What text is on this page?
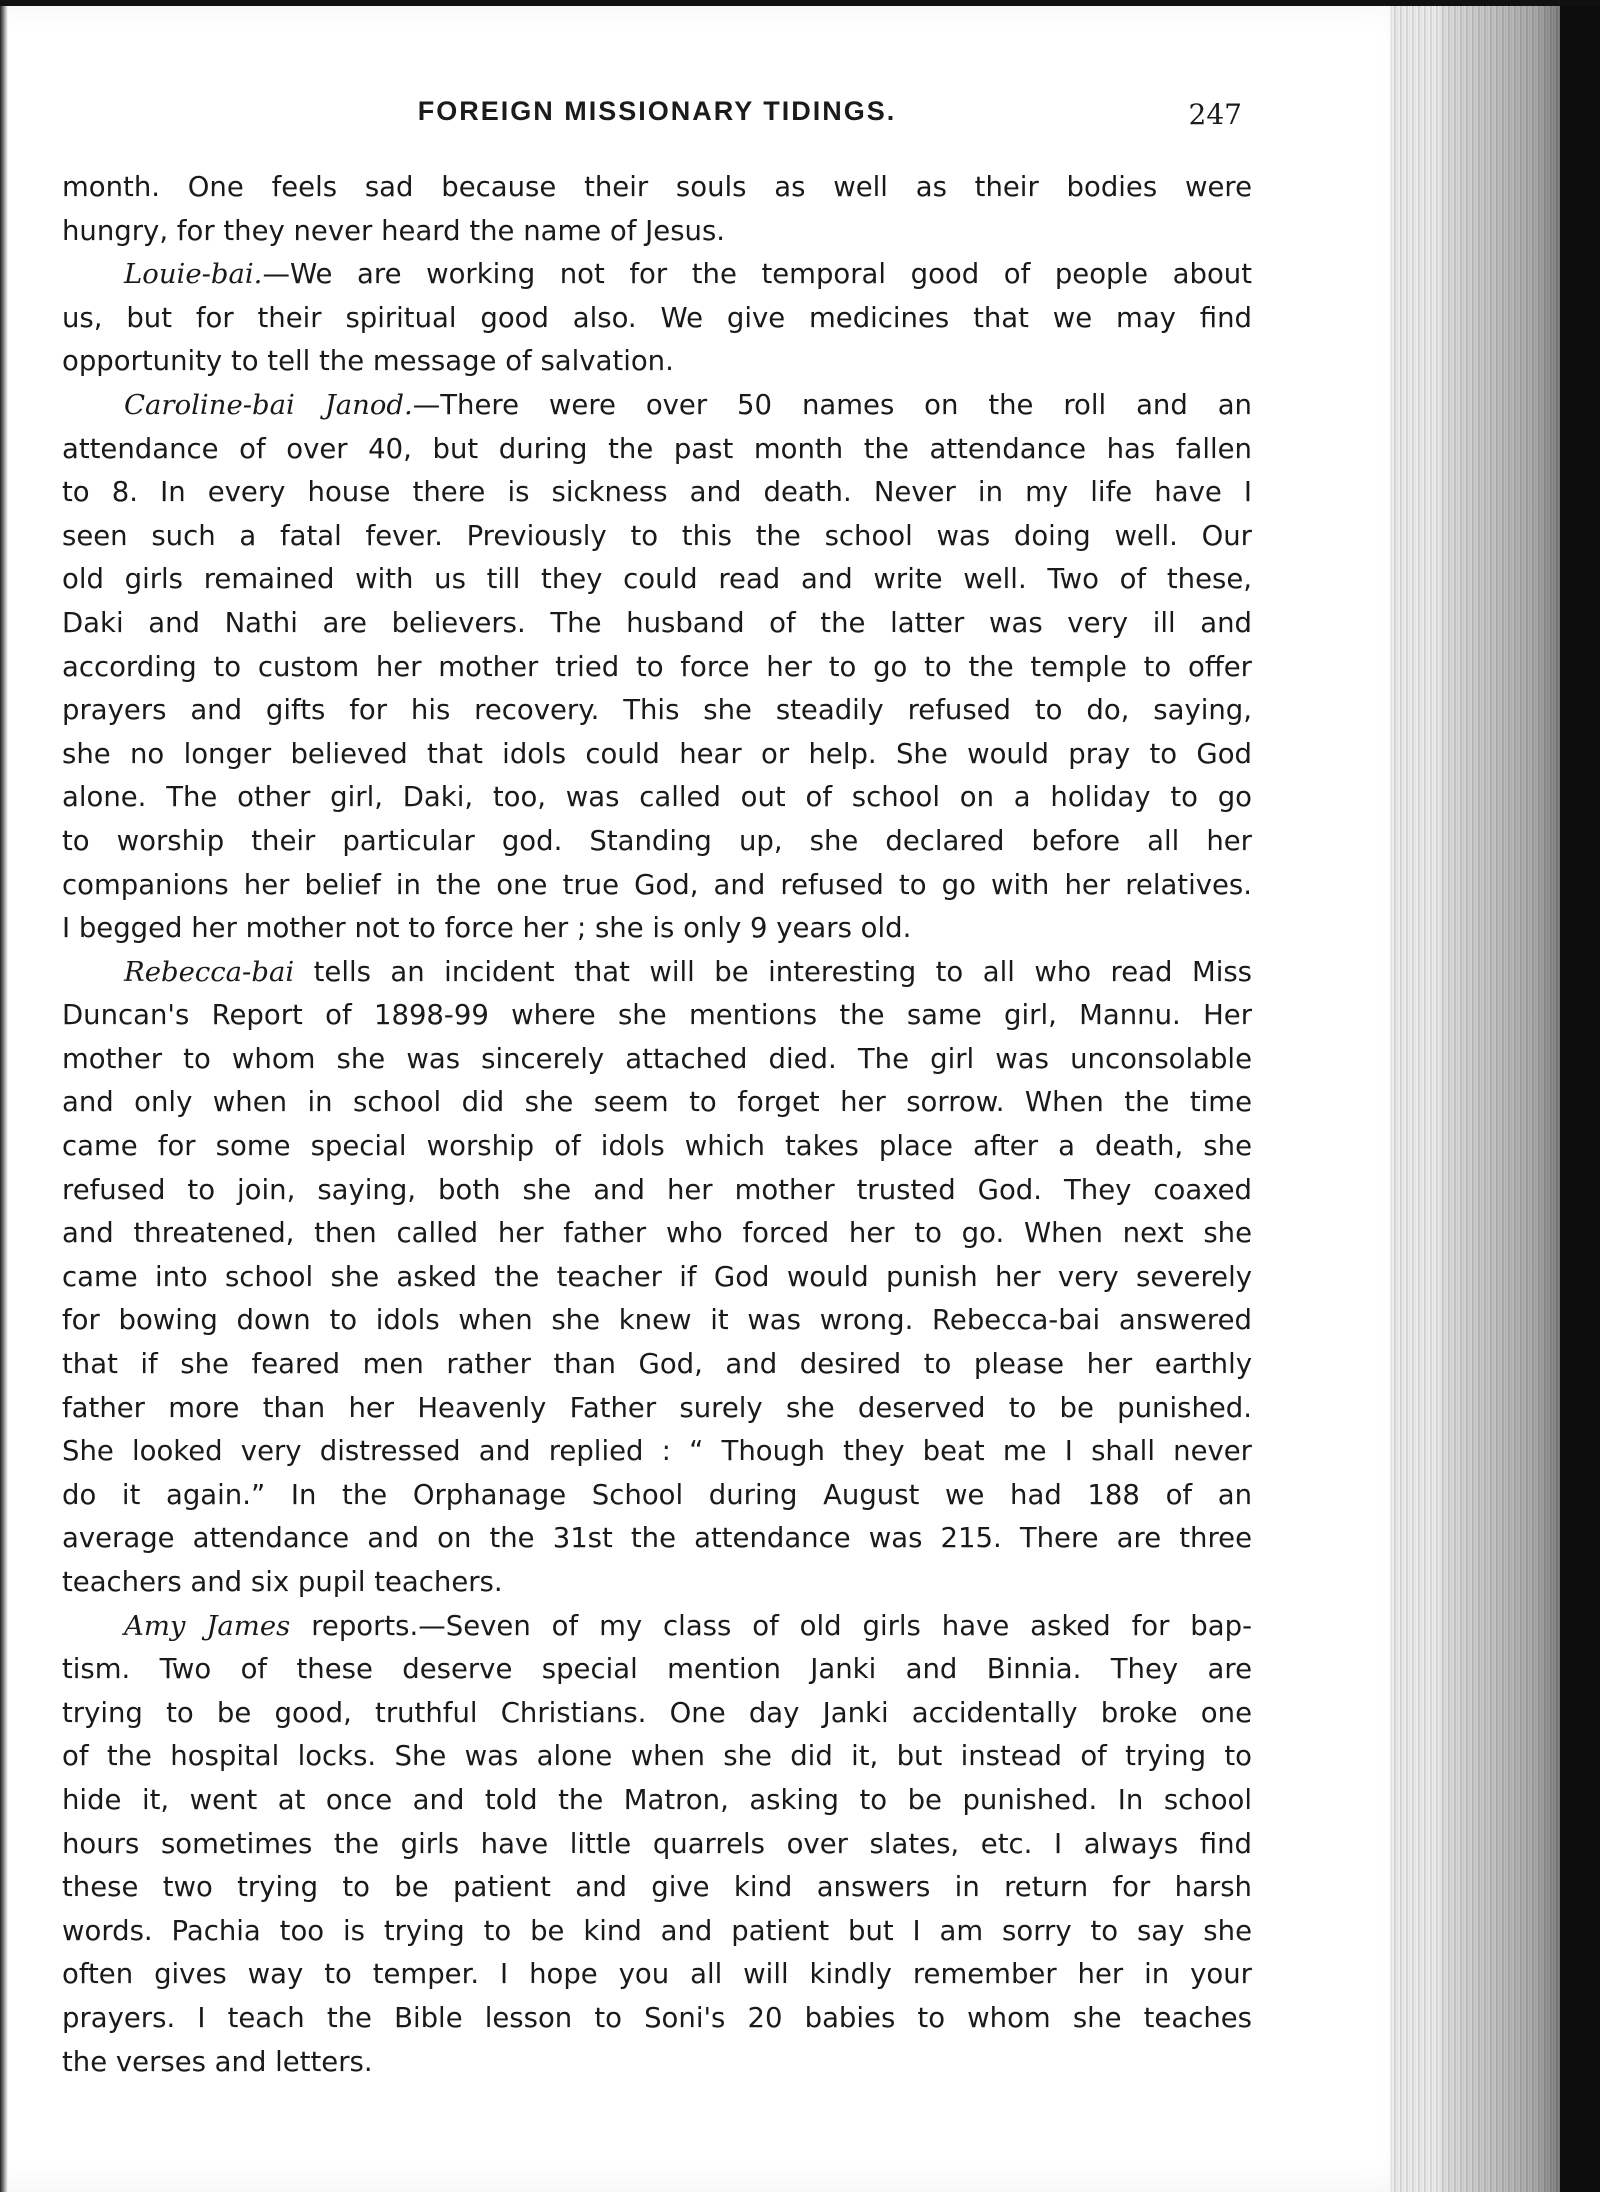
FOREIGN MISSIONARY TIDINGS.	247
month. One feels sad because their souls as well as their bodies were
hungry, for they never heard the name of Jesus.
Louie-bai.—We are working not for the temporal good of people about
us, but for their spiritual good also. We give medicines that we may find
opportunity to tell the message of salvation.
Caroline-bai Janod.—There were over 50 names on the roll and an
attendance of over 40, but during the past month the attendance has fallen
to 8. In every house there is sickness and death. Never in my life have I
seen such a fatal fever. Previously to this the school was doing well. Our
old girls remained with us till they could read and write well. Two of these,
Daki and Nathi are believers. The husband of the latter was very ill and
according to custom her mother tried to force her to go to the temple to offer
prayers and gifts for his recovery. This she steadily refused to do, saying,
she no longer believed that idols could hear or help. She would pray to God
alone. The other girl, Daki, too, was called out of school on a holiday to go
to worship their particular god. Standing up, she declared before all her
companions her belief in the one true God, and refused to go with her relatives.
I begged her mother not to force her ; she is only 9 years old.
Rebecca-bai tells an incident that will be interesting to all who read Miss
Duncan's Report of 1898-99 where she mentions the same girl, Mannu. Her
mother to whom she was sincerely attached died. The girl was unconsolable
and only when in school did she seem to forget her sorrow. When the time
came for some special worship of idols which takes place after a death, she
refused to join, saying, both she and her mother trusted God. They coaxed
and threatened, then called her father who forced her to go. When next she
came into school she asked the teacher if God would punish her very severely
for bowing down to idols when she knew it was wrong. Rebecca-bai answered
that if she feared men rather than God, and desired to please her earthly
father more than her Heavenly Father surely she deserved to be punished.
She looked very distressed and replied : “ Though they beat me I shall never
do it again.” In the Orphanage School during August we had 188 of an
average attendance and on the 31st the attendance was 215. There are three
teachers and six pupil teachers.
Amy James reports.—Seven of my class of old girls have asked for bap-
tism. Two of these deserve special mention Janki and Binnia. They are
trying to be good, truthful Christians. One day Janki accidentally broke one
of the hospital locks. She was alone when she did it, but instead of trying to
hide it, went at once and told the Matron, asking to be punished. In school
hours sometimes the girls have little quarrels over slates, etc. I always find
these two trying to be patient and give kind answers in return for harsh
words. Pachia too is trying to be kind and patient but I am sorry to say she
often gives way to temper. I hope you all will kindly remember her in your
prayers. I teach the Bible lesson to Soni's 20 babies to whom she teaches
the verses and letters.
